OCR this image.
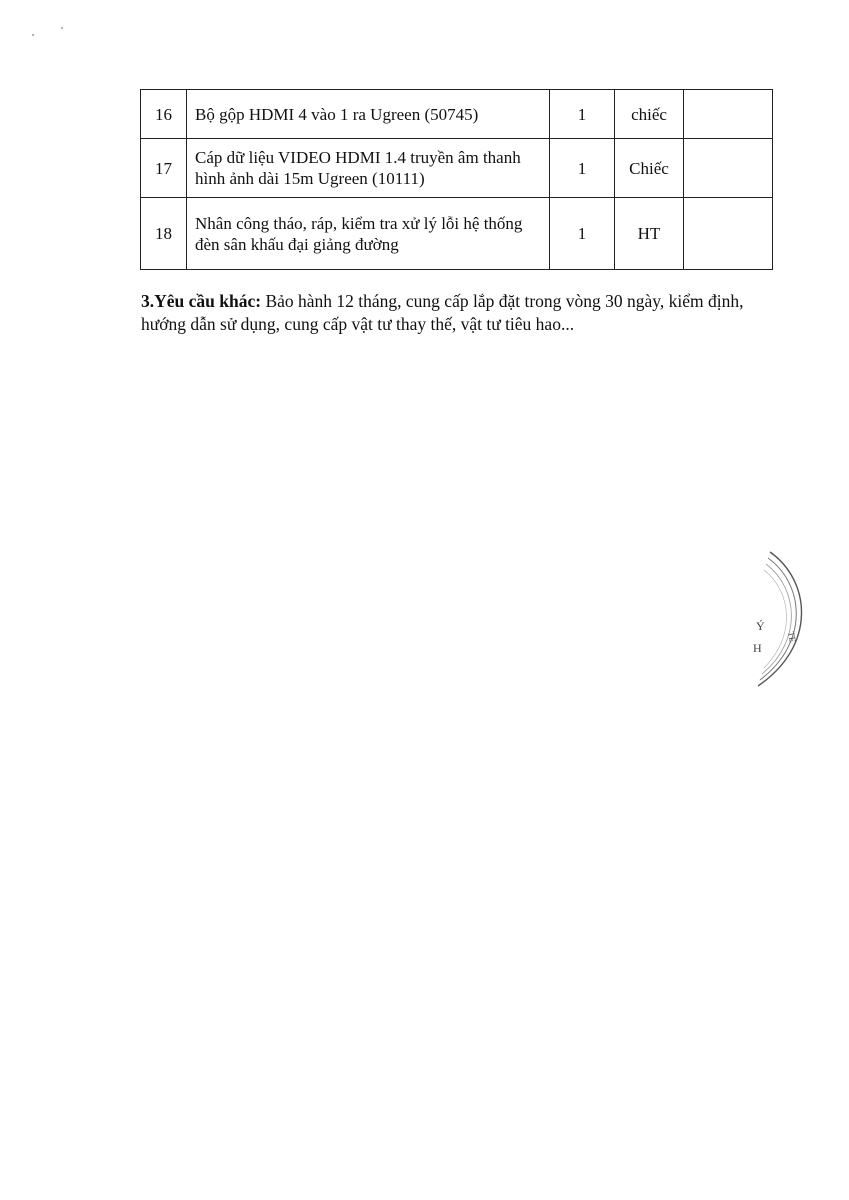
16	Bộ gộp HDMI 4 vào 1 ra Ugreen (50745)	1	chiếc	
17	Cáp dữ liệu VIDEO HDMI 1.4 truyền âm thanh hình ảnh dài 15m Ugreen (10111)	1	Chiếc	
18	Nhân công tháo, ráp, kiểm tra xử lý lỗi hệ thống đèn sân khấu đại giảng đường	1	HT	

3.Yêu cầu khác: Bảo hành 12 tháng, cung cấp lắp đặt trong vòng 30 ngày, kiểm định, hướng dẫn sử dụng, cung cấp vật tư thay thế, vật tư tiêu hao...

Ý
H
TE
